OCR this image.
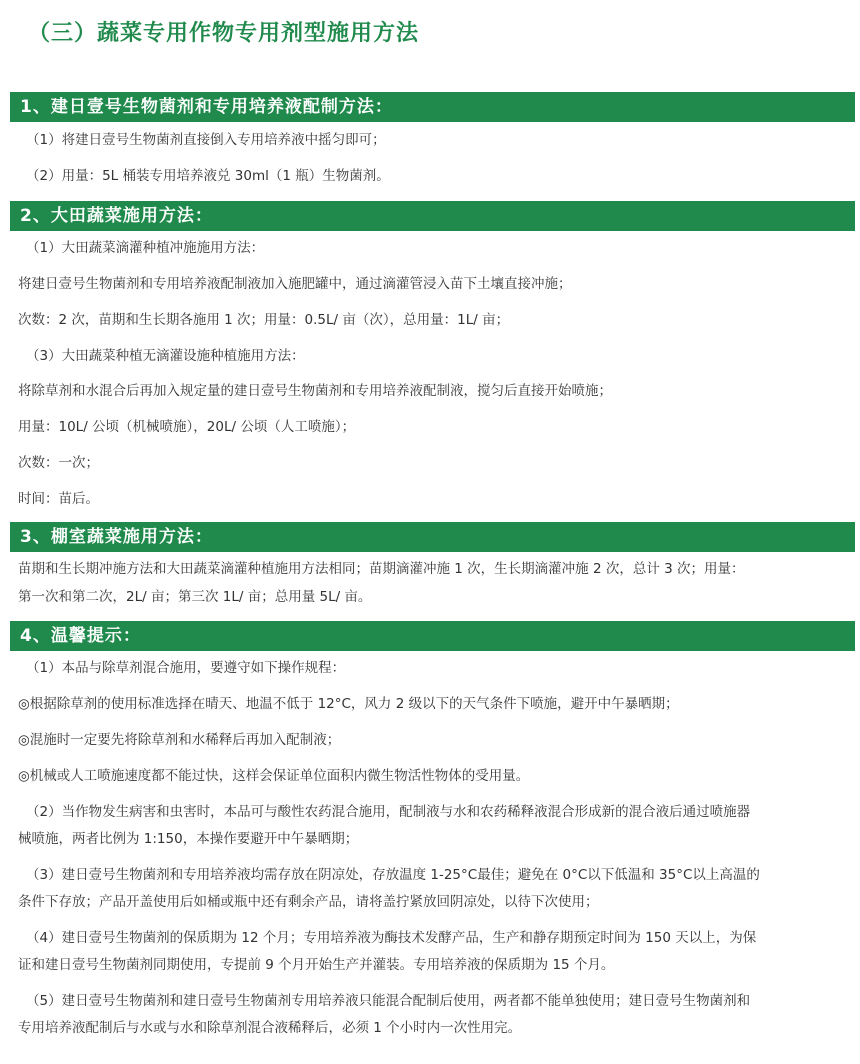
（三）蔬菜专用作物专用剂型施用方法
1、建日壹号生物菌剂和专用培养液配制方法：
（1）将建日壹号生物菌剂直接倒入专用培养液中摇匀即可；
（2）用量：5L 桶装专用培养液兑 30ml（1 瓶）生物菌剂。
2、大田蔬菜施用方法：
（1）大田蔬菜滴灌种植冲施施用方法：
将建日壹号生物菌剂和专用培养液配制液加入施肥罐中，通过滴灌管浸入苗下土壤直接冲施；
次数：2 次，苗期和生长期各施用 1 次；用量：0.5L/ 亩（次），总用量：1L/ 亩；
（3）大田蔬菜种植无滴灌设施种植施用方法：
将除草剂和水混合后再加入规定量的建日壹号生物菌剂和专用培养液配制液，搅匀后直接开始喷施；
用量：10L/ 公顷（机械喷施），20L/ 公顷（人工喷施）；
次数：一次；
时间：苗后。
3、棚室蔬菜施用方法：
苗期和生长期冲施方法和大田蔬菜滴灌种植施用方法相同；苗期滴灌冲施 1 次，生长期滴灌冲施 2 次，总计 3 次；用量：
第一次和第二次，2L/ 亩；第三次 1L/ 亩；总用量 5L/ 亩。
4、温馨提示：
（1）本品与除草剂混合施用，要遵守如下操作规程：
◎根据除草剂的使用标准选择在晴天、地温不低于 12°C，风力 2 级以下的天气条件下喷施，避开中午暴晒期；
◎混施时一定要先将除草剂和水稀释后再加入配制液；
◎机械或人工喷施速度都不能过快，这样会保证单位面积内微生物活性物体的受用量。
（2）当作物发生病害和虫害时，本品可与酸性农药混合施用，配制液与水和农药稀释液混合形成新的混合液后通过喷施器
械喷施，两者比例为 1:150，本操作要避开中午暴晒期；
（3）建日壹号生物菌剂和专用培养液均需存放在阴凉处，存放温度 1-25°C最佳；避免在 0°C以下低温和 35°C以上高温的
条件下存放；产品开盖使用后如桶或瓶中还有剩余产品，请将盖拧紧放回阴凉处，以待下次使用；
（4）建日壹号生物菌剂的保质期为 12 个月；专用培养液为酶技术发酵产品，生产和静存期预定时间为 150 天以上，为保
证和建日壹号生物菌剂同期使用，专提前 9 个月开始生产并灌装。专用培养液的保质期为 15 个月。
（5）建日壹号生物菌剂和建日壹号生物菌剂专用培养液只能混合配制后使用，两者都不能单独使用；建日壹号生物菌剂和
专用培养液配制后与水或与水和除草剂混合液稀释后，必须 1 个小时内一次性用完。
